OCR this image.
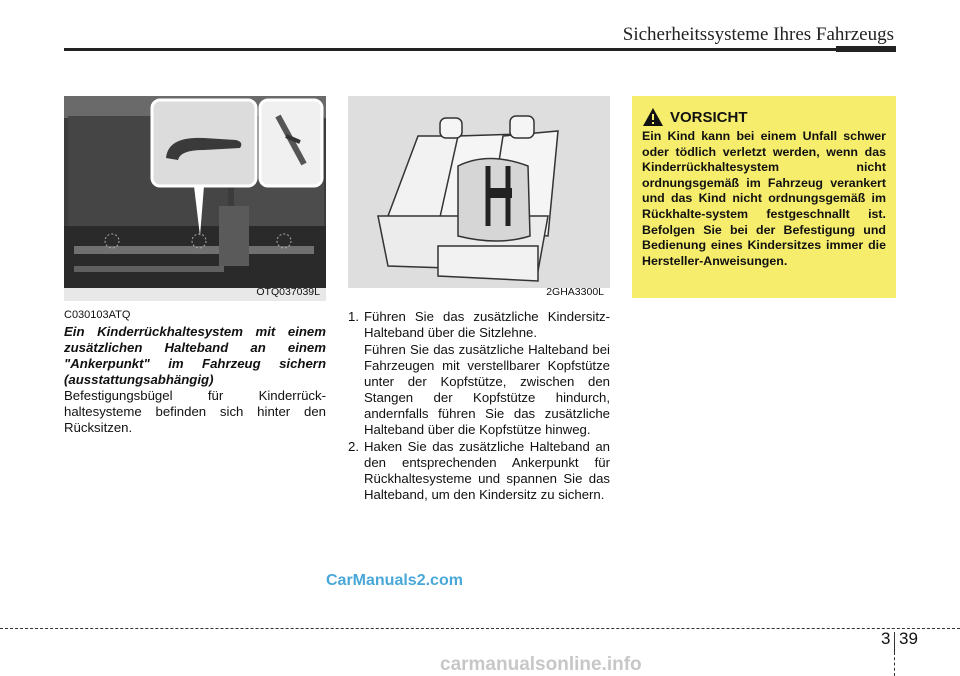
Sicherheitssysteme Ihres Fahrzeugs
OTQ037039L	2GHA3300L
C030103ATQ
Ein Kinderrückhaltesystem mit einem zusätzlichen Halteband an einem "Ankerpunkt" im Fahrzeug sichern (ausstattungsabhängig)
Befestigungsbügel für Kinderrück-haltesysteme befinden sich hinter den Rücksitzen.
1. Führen Sie das zusätzliche Kindersitz-Halteband über die Sitzlehne.
Führen Sie das zusätzliche Halteband bei Fahrzeugen mit verstellbarer Kopfstütze unter der Kopfstütze, zwischen den Stangen der Kopfstütze hindurch, andernfalls führen Sie das zusätzliche Halteband über die Kopfstütze hinweg.
2. Haken Sie das zusätzliche Halteband an den entsprechenden Ankerpunkt für Rückhaltesysteme und spannen Sie das Halteband, um den Kindersitz zu sichern.
VORSICHT
Ein Kind kann bei einem Unfall schwer oder tödlich verletzt werden, wenn das Kinderrückhaltesystem nicht ordnungsgemäß im Fahrzeug verankert und das Kind nicht ordnungsgemäß im Rückhalte-system festgeschnallt ist. Befolgen Sie bei der Befestigung und Bedienung eines Kindersitzes immer die Hersteller-Anweisungen.
CarManuals2.com
3 39
carmanualsonline.info
